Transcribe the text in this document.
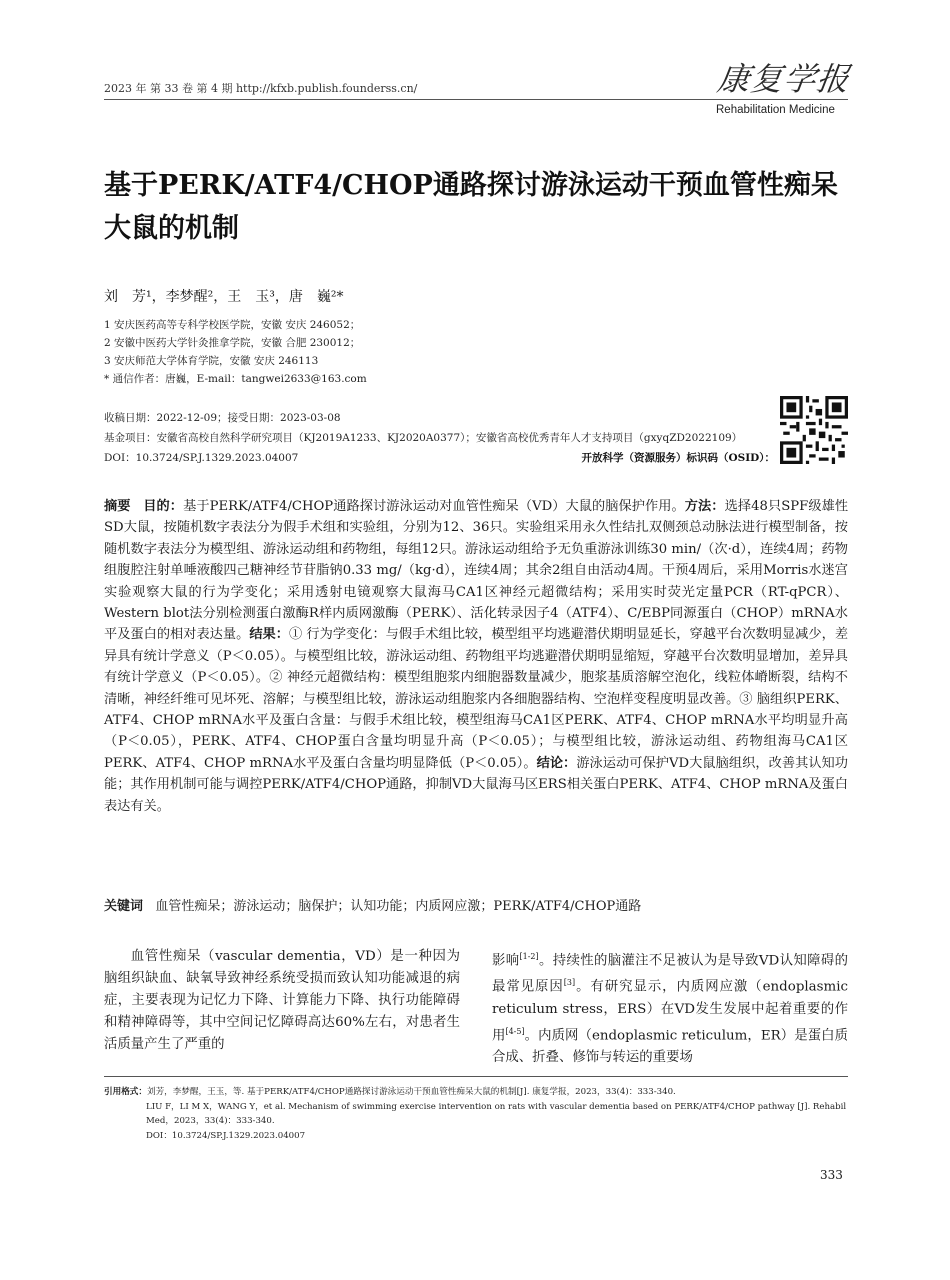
2023 年 第 33 卷 第 4 期 http://kfxb.publish.founderss.cn/	康复学报
Rehabilitation Medicine
基于PERK/ATF4/CHOP通路探讨游泳运动干预血管性痴呆大鼠的机制
刘　芳¹，李梦醒²，王　玉³，唐　巍²*
1 安庆医药高等专科学校医学院，安徽 安庆 246052；
2 安徽中医药大学针灸推拿学院，安徽 合肥 230012；
3 安庆师范大学体育学院，安徽 安庆 246113
* 通信作者：唐巍，E-mail：tangwei2633@163.com
收稿日期：2022-12-09；接受日期：2023-03-08
基金项目：安徽省高校自然科学研究项目（KJ2019A1233、KJ2020A0377）；安徽省高校优秀青年人才支持项目（gxyqZD2022109）
DOI：10.3724/SP.J.1329.2023.04007	开放科学（资源服务）标识码（OSID）：
摘要 目的：基于PERK/ATF4/CHOP通路探讨游泳运动对血管性痴呆（VD）大鼠的脑保护作用。方法：选择48只SPF级雄性SD大鼠，按随机数字表法分为假手术组和实验组，分别为12、36只。实验组采用永久性结扎双侧颈总动脉法进行模型制备，按随机数字表法分为模型组、游泳运动组和药物组，每组12只。游泳运动组给予无负重游泳训练30 min/（次·d），连续4周；药物组腹腔注射单唾液酸四己糖神经节苷脂钠0.33 mg/（kg·d），连续4周；其余2组自由活动4周。干预4周后，采用Morris水迷宫实验观察大鼠的行为学变化；采用透射电镜观察大鼠海马CA1区神经元超微结构；采用实时荧光定量PCR（RT-qPCR）、Western blot法分别检测蛋白激酶R样内质网激酶（PERK）、活化转录因子4（ATF4）、C/EBP同源蛋白（CHOP）mRNA水平及蛋白的相对表达量。结果：① 行为学变化：与假手术组比较，模型组平均逃避潜伏期明显延长，穿越平台次数明显减少，差异具有统计学意义（P＜0.05）。与模型组比较，游泳运动组、药物组平均逃避潜伏期明显缩短，穿越平台次数明显增加，差异具有统计学意义（P＜0.05）。② 神经元超微结构：模型组胞浆内细胞器数量减少，胞浆基质溶解空泡化，线粒体嵴断裂，结构不清晰，神经纤维可见坏死、溶解；与模型组比较，游泳运动组胞浆内各细胞器结构、空泡样变程度明显改善。③ 脑组织PERK、ATF4、CHOP mRNA水平及蛋白含量：与假手术组比较，模型组海马CA1区PERK、ATF4、CHOP mRNA水平均明显升高（P＜0.05），PERK、ATF4、CHOP蛋白含量均明显升高（P＜0.05）；与模型组比较，游泳运动组、药物组海马CA1区PERK、ATF4、CHOP mRNA水平及蛋白含量均明显降低（P＜0.05）。结论：游泳运动可保护VD大鼠脑组织，改善其认知功能；其作用机制可能与调控PERK/ATF4/CHOP通路，抑制VD大鼠海马区ERS相关蛋白PERK、ATF4、CHOP mRNA及蛋白表达有关。
关键词 血管性痴呆；游泳运动；脑保护；认知功能；内质网应激；PERK/ATF4/CHOP通路
血管性痴呆（vascular dementia，VD）是一种因为脑组织缺血、缺氧导致神经系统受损而致认知功能减退的病症，主要表现为记忆力下降、计算能力下降、执行功能障碍和精神障碍等，其中空间记忆障碍高达60%左右，对患者生活质量产生了严重的
影响[1-2]。持续性的脑灌注不足被认为是导致VD认知障碍的最常见原因[3]。有研究显示，内质网应激（endoplasmic reticulum stress，ERS）在VD发生发展中起着重要的作用[4-5]。内质网（endoplasmic reticulum，ER）是蛋白质合成、折叠、修饰与转运的重要场
引用格式：刘芳，李梦醒，王玉，等. 基于PERK/ATF4/CHOP通路探讨游泳运动干预血管性痴呆大鼠的机制[J]. 康复学报，2023，33(4)：333-340.
LIU F，LI M X，WANG Y，et al. Mechanism of swimming exercise intervention on rats with vascular dementia based on PERK/ATF4/CHOP pathway [J]. Rehabil Med，2023，33(4)：333-340.
DOI：10.3724/SP.J.1329.2023.04007
333
